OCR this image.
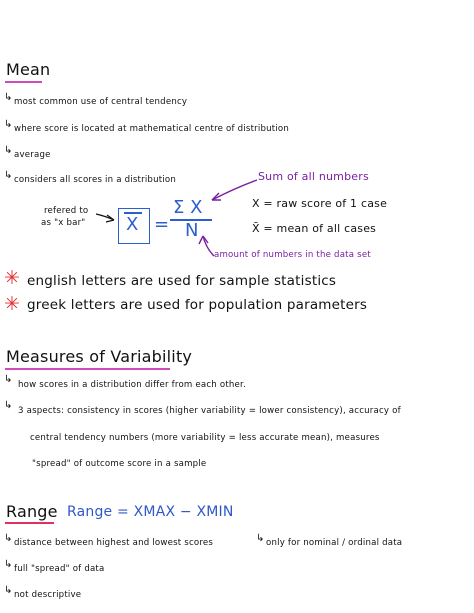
Mean
↳ most common use of central tendency
↳ where score is located at mathematical centre of distribution
↳ average
↳ considers all scores in a distribution	Sum of all numbers
refered to
as "x bar" X =
Σ X
N
X = raw score of 1 case
X̄ = mean of all cases
amount of numbers in the data set
✳ english letters are used for sample statistics
✳ greek letters are used for population parameters
Measures of Variability
↳ how scores in a distribution differ from each other.
↳ 3 aspects: consistency in scores (higher variability = lower consistency), accuracy of
central tendency numbers (more variability = less accurate mean), measures
"spread" of outcome score in a sample
Range Range = XMAX − XMIN
↳ distance between highest and lowest scores	↳ only for nominal / ordinal data
↳ full "spread" of data
↳ not descriptive
